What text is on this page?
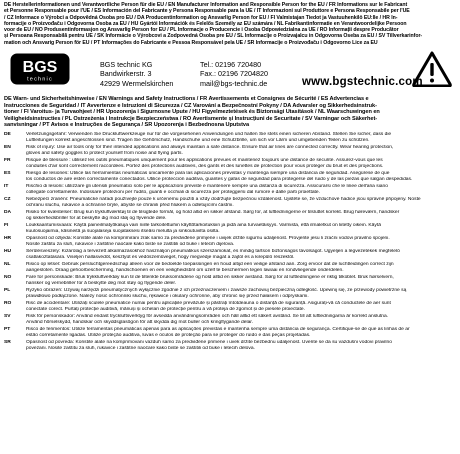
DE Herstellerinformationen und Verantwortliche Person für die EU / EN Manufacturer Information and Responsible Person for the EU / FR Informations sur le Fabricant
et Personne Responsable pour l'UE / ES Información del Fabricante y Persona Responsable para la UE / IT Informazioni sul Produttore e Persona Responsabile per l'UE
/ CZ Informace o Výrobci a Odpovědná Osoba pro EU / DA Producentinformation og Ansvarlig Person for EU / FI Valmistajan Tiedot ja Vastuuhenkilö EU:lle / HR In-
formacije o Proizvođaču i Odgovorna Osoba za EU / HU Gyártói Információk és Felelős Személy az EU számára / NL Fabrikantinformatie en Verantwoordelijke Persoon
voor de EU / NO Produsentinformasjon og Ansvarlig Person for EU / PL Informacje o Producencie i Osoba Odpowiedzialna za UE / RO Informații despre Producător
și Persoana Responsabilă pentru UE / SK Informácie o Výrobcovi a Zodpovedná Osoba pre EÚ / SL Informacije o Proizvajalcu in Odgovorna Oseba za EU / SV Tillverkarinfor-
mation och Ansvarig Person för EU / PT Informações do Fabricante e Pessoa Responsável pela UE / SR Informacije o Proizvođaču i Odgovorno Lice za EU
BGS
technic
BGS technic KG
Bandwirkerstr. 3
42929 Wermelskirchen
Tel.: 02196 720480
Fax.: 02196 7204820
mail@bgs-technic.de	www.bgstechnic.com
DE Warn- und Sicherheitshinweise / EN Warnings and Safety Instructions / FR Avertissements et Consignes de Sécurité / ES Advertencias e
Instrucciones de Seguridad / IT Avvertenze e Istruzioni di Sicurezza / CZ Varování a Bezpečnostní Pokyny / DA Advarsler og Sikkerhedsinstruk-
tioner / FI Varoitus- ja Turvaohjeet / HR Upozorenja i Sigurnosne Upute / HU Figyelmeztetések és Biztonsági Utasítások / NL Waarschuwingen en
Veiligheidsinstructies / PL Ostrzeżenia i Instrukcje Bezpieczeństwa / RO Avertismente și Instrucțiuni de Securitate / SV Varningar och Säkerhet-
sanvisningar / PT Avisos e Instruções de Segurança / SR Upozorenja i Bezbednosna Uputstva
DE	Verletzungsgefahr: Verwenden Sie Druckluftwerkzeuge nur für die vorgesehenen Anwendungen und halten Sie stets einen sicheren Abstand. Stellen Sie sicher, dass die
Luftleitungen korrekt angeschlossen sind. Tragen Sie Gehörschutz, Handschuhe und eine Schutzbrille, um sich vor Lärm und umgebenden Teilen zu schützen.
EN	Risk of injury: Use air tools only for their intended applications and always maintain a safe distance. Ensure that air lines are connected correctly. Wear hearing protection,
gloves and safety goggles to protect yourself from noise and flying parts.
FR	Risque de blessure : utilisez les outils pneumatiques uniquement pour les applications prévues et maintenez toujours une distance de sécurité. Assurez-vous que les
conduites d'air sont correctement raccordées. Portez des protections auditives, des gants et des lunettes de protection pour vous protéger du bruit et des projections.
ES	Riesgo de lesiones: Utilice las herramientas neumáticas únicamente para las aplicaciones previstas y mantenga siempre una distancia de seguridad. Asegúrese de que
los conductos de aire estén correctamente conectados. Utilice protección auditiva, guantes y gafas de seguridad para protegerse del ruido y de las piezas que salgan despedidas.
IT	Rischio di lesioni: utilizzare gli utensili pneumatici solo per le applicazioni previste e mantenere sempre una distanza di sicurezza. Assicurarsi che le linee dell'aria siano
collegate correttamente. Indossare protezioni per l'udito, guanti e occhiali di sicurezza per proteggersi dal rumore e dalle parti proiettate.
CZ	Nebezpečí zranění: Pneumatické nářadí používejte pouze k určenému použití a vždy dodržujte bezpečnou vzdálenost. Ujistěte se, že vzduchové hadice jsou správně připojeny. Noste
ochranu sluchu, rukavice a ochranné brýle, abyste se chránili před hlukem a odletujícími částmi.
DA	Risiko for kvæstelser: Brug kun trykluftværktøj til de tilsigtede formål, og hold altid en sikker afstand. Sørg for, at luftledningerne er tilsluttet korrekt. Brug høreværn, handsker
og sikkerhedsbriller for at beskytte dig mod støj og flyvende dele.
FI	Loukkaantumisvaara: Käytä paineilmatyökaluja vain niille tarkoitettuihin käyttötarkoituksiin ja pidä aina turvaetäisyys. Varmista, että ilmaletkut on liitetty oikein. Käytä
kuulosuojaimia, käsineitä ja suojalaseja suojataksesi itseäsi melulta ja sinkoutuvilta osilta.
HR	Opasnost od ozljeda: Koristite alate na komprimirani zrak samo za predviđene primjene i uvijek držite sigurnu udaljenost. Provjerite jesu li zračni vodovi pravilno spojeni.
Nosite zaštitu za sluh, rukavice i zaštitne naočale kako biste se zaštitili od buke i letećih dijelova.
HU	Sérülésveszély: Kizárólag a tervezett alkalmazásokhoz használjon pneumatikus szerszámokat, és mindig tartson biztonságos távolságot. Ügyeljen a légvezetékek megfelelő
csatlakoztatására. Viseljen hallásvédőt, kesztyűt és védőszemüveget, hogy megvédje magát a zajtól és a kirepülő részektől.
NL	Risico op letsel: Gebruik persluchtgereedschap alleen voor de bedoelde toepassingen en houd altijd een veilige afstand aan. Zorg ervoor dat de luchtleidingen correct zijn
aangesloten. Draag gehoorbescherming, handschoenen en een veiligheidsbril om uzelf te beschermen tegen lawaai en rondvliegende onderdelen.
NO	Fare for personskade: Bruk trykkluftverktøy kun til de tiltenkte bruksområdene og hold alltid en sikker avstand. Sørg for at luftledningene er riktig tilkoblet. Bruk hørselvern,
hansker og vernebriller for å beskytte deg mot støy og flygende deler.
PL	Ryzyko obrażeń: Używaj narzędzi pneumatycznych wyłącznie zgodnie z ich przeznaczeniem i zawsze zachowuj bezpieczną odległość. Upewnij się, że przewody powietrzne są
prawidłowo podłączone. Należy nosić ochronniki słuchu, rękawice i okulary ochronne, aby chronić się przed hałasem i odpryskami.
RO	Risc de accidentare: Utilizați sculele pneumatice numai pentru aplicațiile prevăzute și păstrați întotdeauna o distanță de siguranță. Asigurați-vă că conductele de aer sunt
conectate corect. Purtați protecție auditivă, mănuși și ochelari de protecție pentru a vă proteja de zgomot și de piesele proiectate.
SV	Risk för personskador: Använd endast tryckluftsverktyg för avsedda användningsområden och håll alltid ett säkert avstånd. Se till att luftledningarna är korrekt anslutna.
Använd hörselskydd, handskar och skyddsglasögon för att skydda dig mot buller och kringflygande delar.
PT	Risco de ferimentos: Utilize ferramentas pneumáticas apenas para as aplicações previstas e mantenha sempre uma distância de segurança. Certifique-se de que as linhas de ar
estão corretamente ligadas. Utilize proteção auditiva, luvas e óculos de proteção para se proteger do ruído e das peças projetadas.
SR	Opasnost od povreda: Koristite alate na komprimovani vazduh samo za predviđene primene i uvek držite bezbednu udaljenost. Uverite se da su vazdušni vodovi pravilno
povezani. Nosite zaštitu za sluh, rukavice i zaštitne naočare kako biste se zaštitili od buke i letećih delova.
